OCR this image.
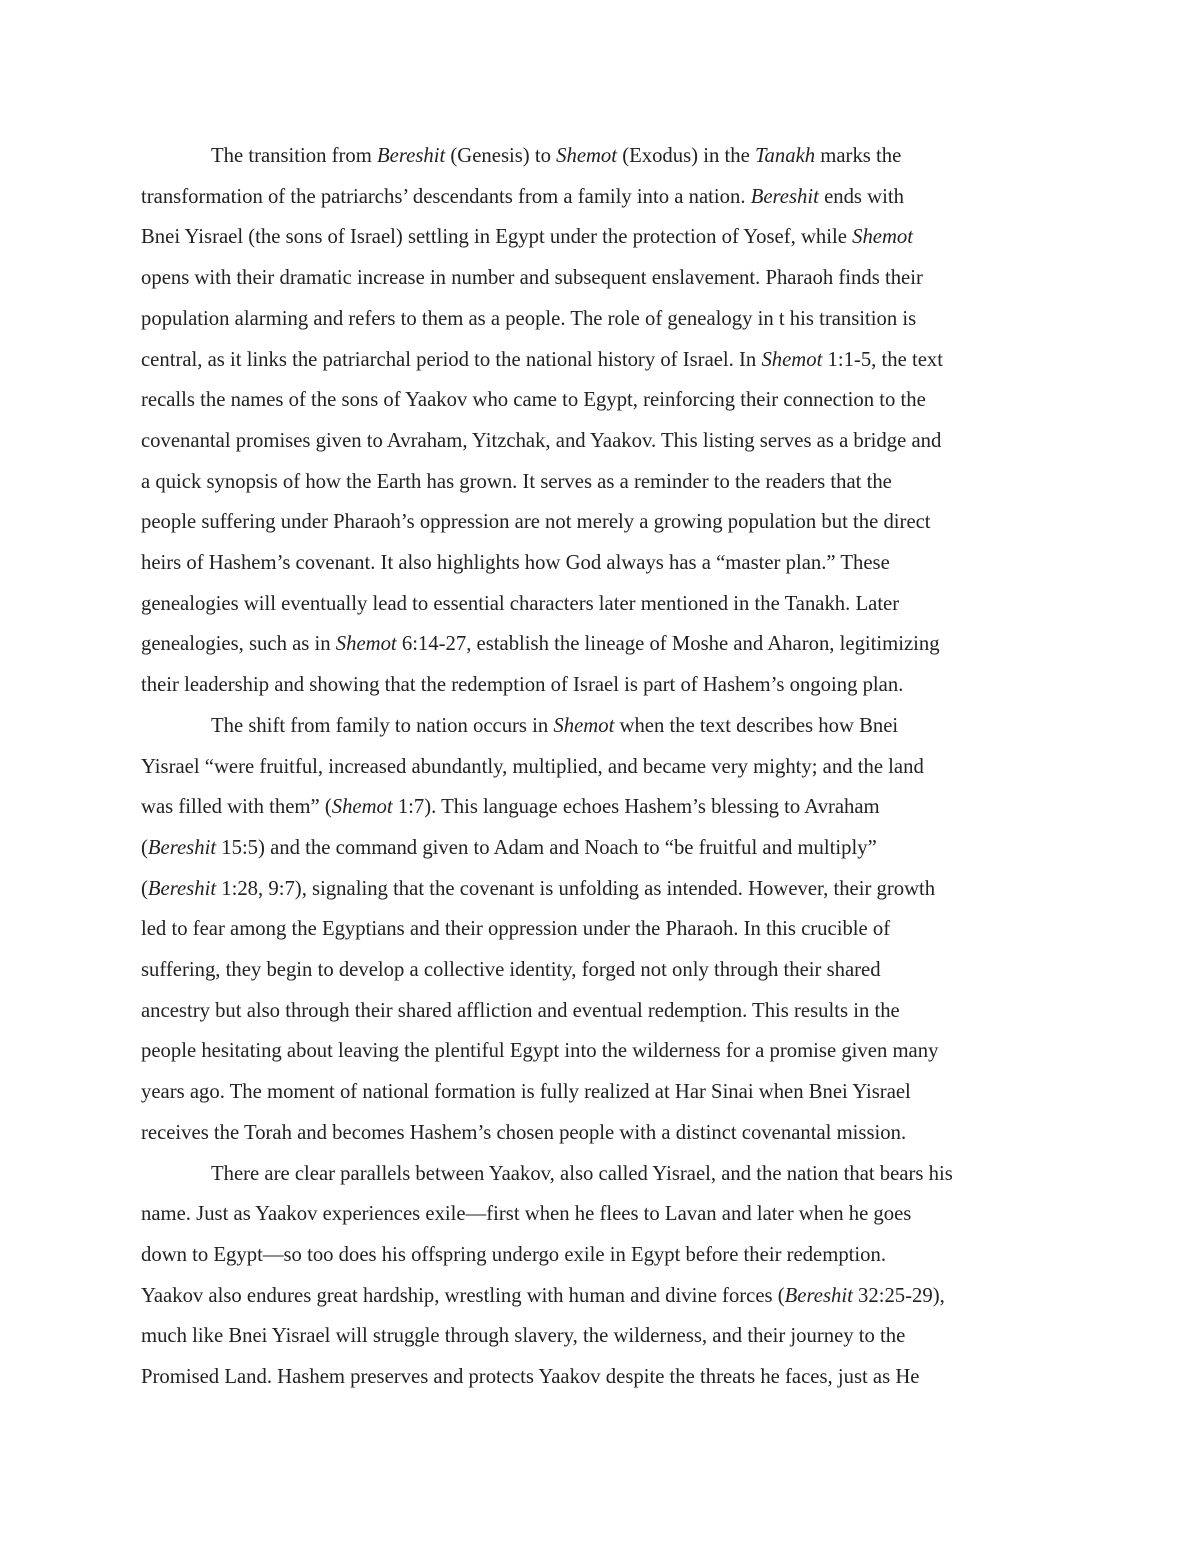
The transition from Bereshit (Genesis) to Shemot (Exodus) in the Tanakh marks the
transformation of the patriarchs’ descendants from a family into a nation. Bereshit ends with
Bnei Yisrael (the sons of Israel) settling in Egypt under the protection of Yosef, while Shemot
opens with their dramatic increase in number and subsequent enslavement. Pharaoh finds their
population alarming and refers to them as a people. The role of genealogy in t his transition is
central, as it links the patriarchal period to the national history of Israel. In Shemot 1:1-5, the text
recalls the names of the sons of Yaakov who came to Egypt, reinforcing their connection to the
covenantal promises given to Avraham, Yitzchak, and Yaakov. This listing serves as a bridge and
a quick synopsis of how the Earth has grown. It serves as a reminder to the readers that the
people suffering under Pharaoh’s oppression are not merely a growing population but the direct
heirs of Hashem’s covenant. It also highlights how God always has a “master plan.” These
genealogies will eventually lead to essential characters later mentioned in the Tanakh. Later
genealogies, such as in Shemot 6:14-27, establish the lineage of Moshe and Aharon, legitimizing
their leadership and showing that the redemption of Israel is part of Hashem’s ongoing plan.
The shift from family to nation occurs in Shemot when the text describes how Bnei
Yisrael “were fruitful, increased abundantly, multiplied, and became very mighty; and the land
was filled with them” (Shemot 1:7). This language echoes Hashem’s blessing to Avraham
(Bereshit 15:5) and the command given to Adam and Noach to “be fruitful and multiply”
(Bereshit 1:28, 9:7), signaling that the covenant is unfolding as intended. However, their growth
led to fear among the Egyptians and their oppression under the Pharaoh. In this crucible of
suffering, they begin to develop a collective identity, forged not only through their shared
ancestry but also through their shared affliction and eventual redemption. This results in the
people hesitating about leaving the plentiful Egypt into the wilderness for a promise given many
years ago. The moment of national formation is fully realized at Har Sinai when Bnei Yisrael
receives the Torah and becomes Hashem’s chosen people with a distinct covenantal mission.
There are clear parallels between Yaakov, also called Yisrael, and the nation that bears his
name. Just as Yaakov experiences exile—first when he flees to Lavan and later when he goes
down to Egypt—so too does his offspring undergo exile in Egypt before their redemption.
Yaakov also endures great hardship, wrestling with human and divine forces (Bereshit 32:25-29),
much like Bnei Yisrael will struggle through slavery, the wilderness, and their journey to the
Promised Land. Hashem preserves and protects Yaakov despite the threats he faces, just as He
